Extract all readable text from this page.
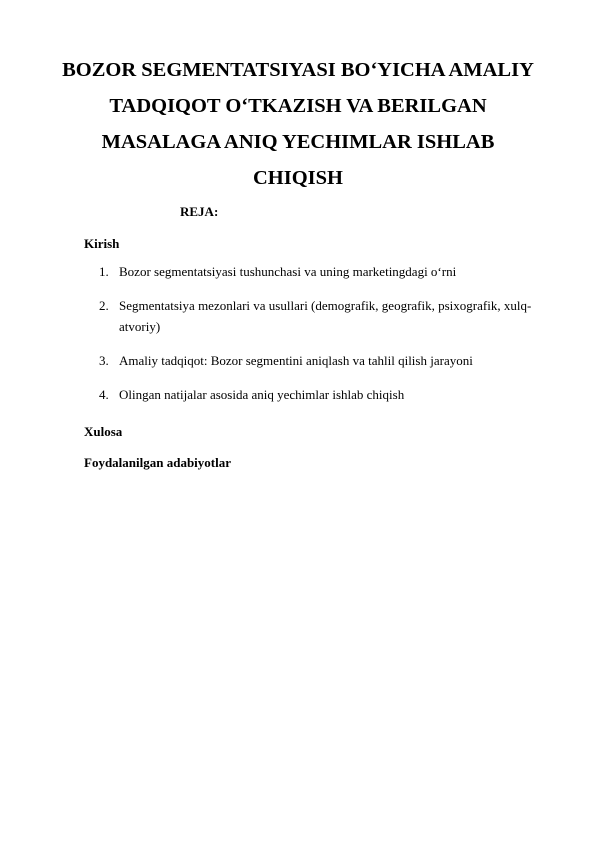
BOZOR SEGMENTATSIYASI BO‘YICHA AMALIY
TADQIQOT O‘TKAZISH VA BERILGAN
MASALAGA ANIQ YECHIMLAR ISHLAB
CHIQISH
REJA:
Kirish
1. Bozor segmentatsiyasi tushunchasi va uning marketingdagi o‘rni
2. Segmentatsiya mezonlari va usullari (demografik, geografik, psixografik, xulq-atvoriy)
3. Amaliy tadqiqot: Bozor segmentini aniqlash va tahlil qilish jarayoni
4. Olingan natijalar asosida aniq yechimlar ishlab chiqish
Xulosa
Foydalanilgan adabiyotlar
